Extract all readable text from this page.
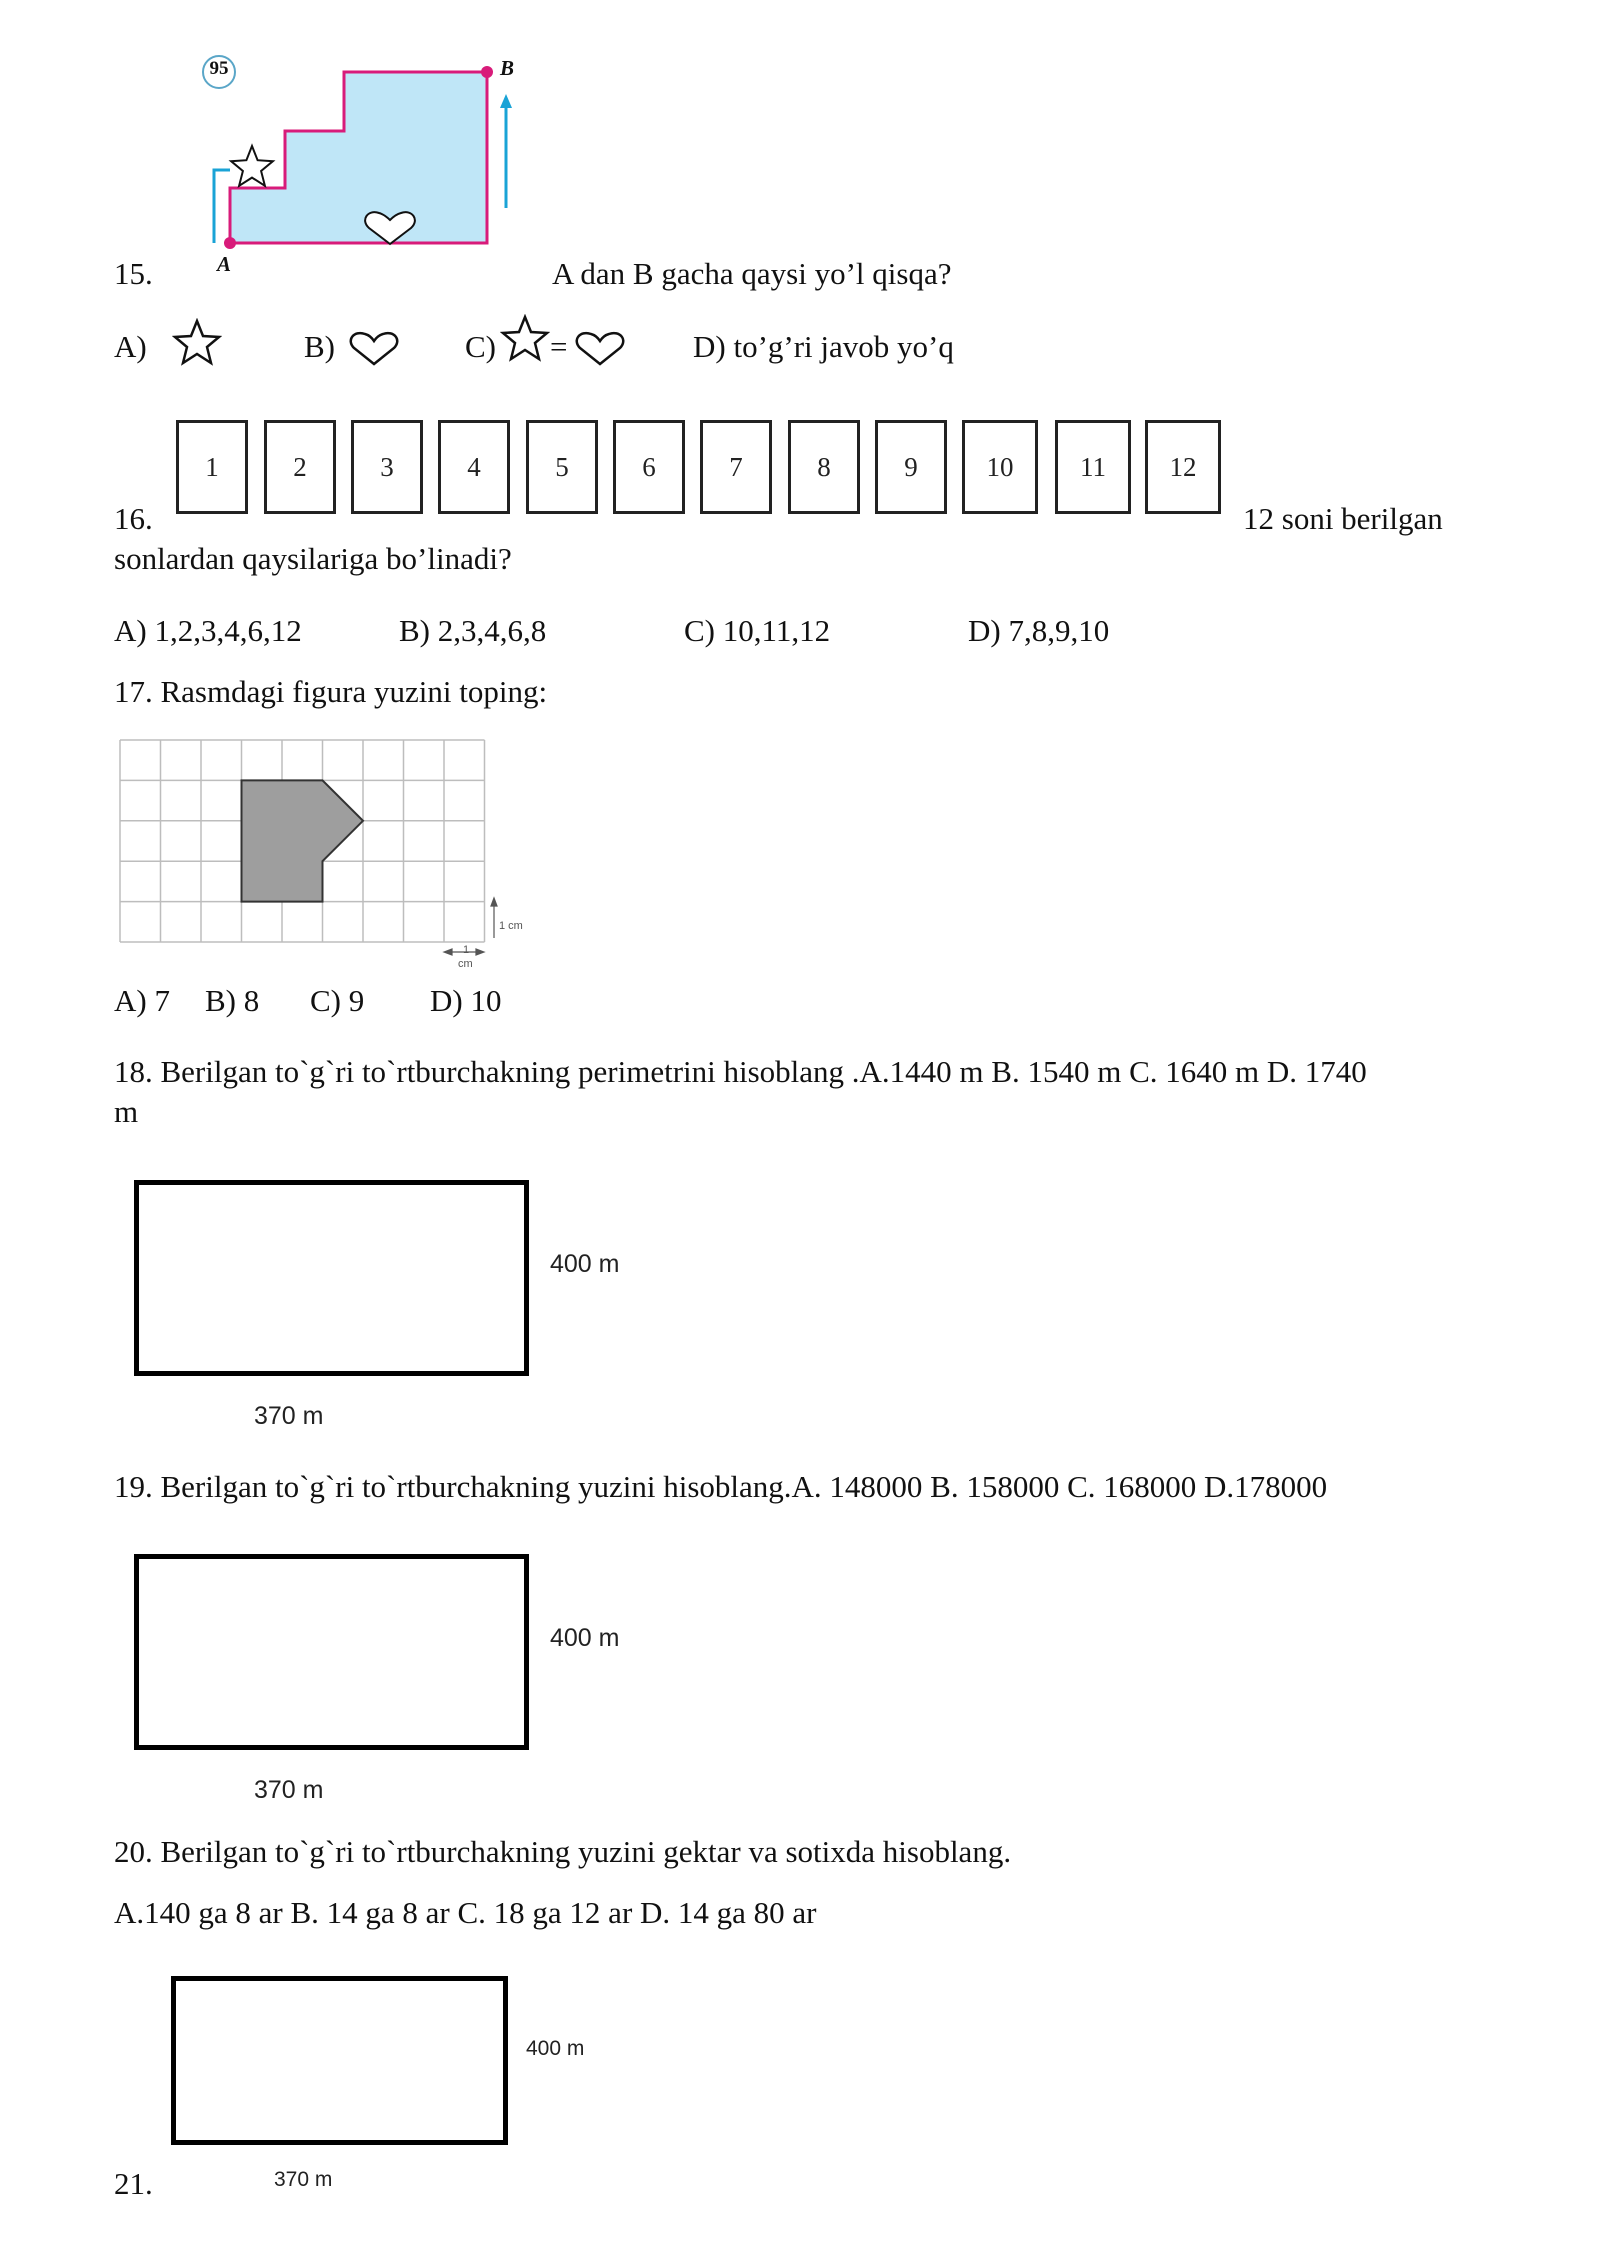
95
A
B
15.	A dan B gacha qaysi yo’l qisqa?
A)	B)	C) =	D) to’g’ri javob yo’q
1	2	3	4	5	6	7	8	9	10	11	12
16.	12 soni berilgan
sonlardan qaysilariga bo’linadi?
A) 1,2,3,4,6,12	B) 2,3,4,6,8	C) 10,11,12	D) 7,8,9,10
17. Rasmdagi figura yuzini toping:
1 cm
1
cm
A) 7 B) 8 C) 9 D) 10
18. Berilgan to`g`ri to`rtburchakning perimetrini hisoblang .A.1440 m B. 1540 m C. 1640 m D. 1740
m
400 m
370 m
19. Berilgan to`g`ri to`rtburchakning yuzini hisoblang.A. 148000 B. 158000 C. 168000 D.178000
400 m
370 m
20. Berilgan to`g`ri to`rtburchakning yuzini gektar va sotixda hisoblang.
A.140 ga 8 ar B. 14 ga 8 ar C. 18 ga 12 ar D. 14 ga 80 ar
400 m
370 m
21.
